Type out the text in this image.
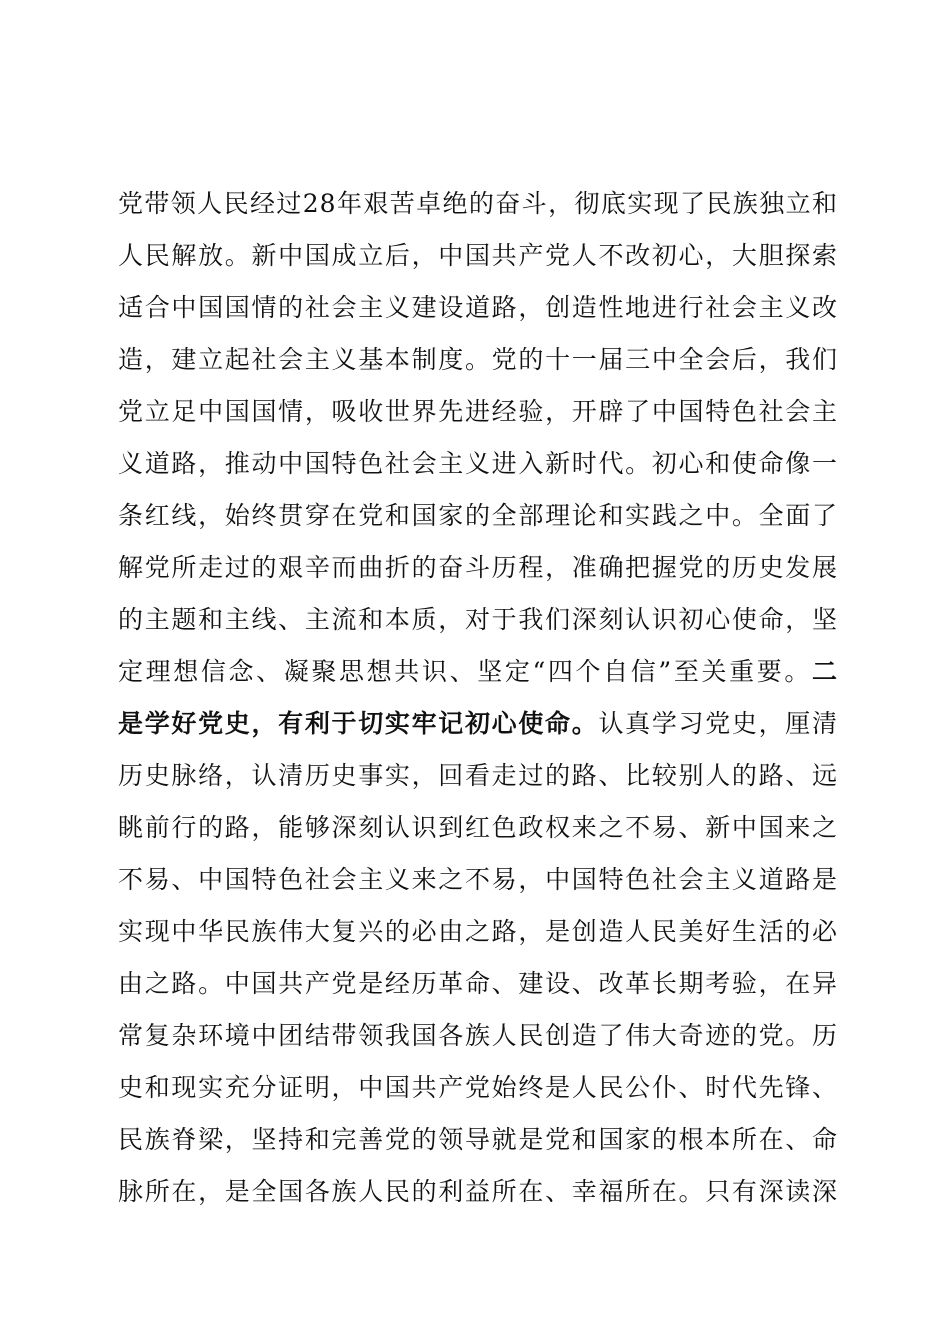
党带领人民经过28年艰苦卓绝的奋斗，彻底实现了民族独立和
人民解放。新中国成立后，中国共产党人不改初心，大胆探索
适合中国国情的社会主义建设道路，创造性地进行社会主义改
造，建立起社会主义基本制度。党的十一届三中全会后，我们
党立足中国国情，吸收世界先进经验，开辟了中国特色社会主
义道路，推动中国特色社会主义进入新时代。初心和使命像一
条红线，始终贯穿在党和国家的全部理论和实践之中。全面了
解党所走过的艰辛而曲折的奋斗历程，准确把握党的历史发展
的主题和主线、主流和本质，对于我们深刻认识初心使命，坚
定理想信念、凝聚思想共识、坚定“四个自信”至关重要。二
是学好党史，有利于切实牢记初心使命。认真学习党史，厘清
历史脉络，认清历史事实，回看走过的路、比较别人的路、远
眺前行的路，能够深刻认识到红色政权来之不易、新中国来之
不易、中国特色社会主义来之不易，中国特色社会主义道路是
实现中华民族伟大复兴的必由之路，是创造人民美好生活的必
由之路。中国共产党是经历革命、建设、改革长期考验，在异
常复杂环境中团结带领我国各族人民创造了伟大奇迹的党。历
史和现实充分证明，中国共产党始终是人民公仆、时代先锋、
民族脊梁，坚持和完善党的领导就是党和国家的根本所在、命
脉所在，是全国各族人民的利益所在、幸福所在。只有深读深
